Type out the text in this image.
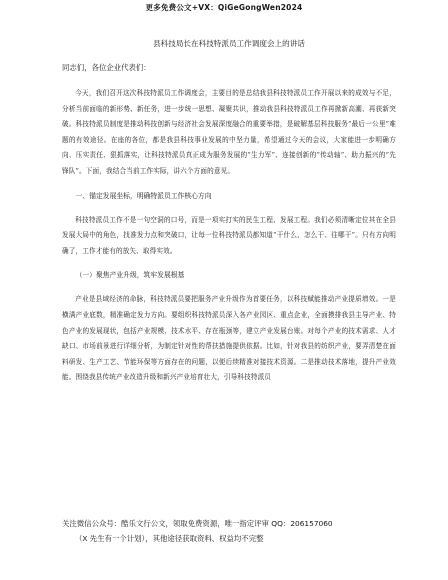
更多免费公文+VX：QiGeGongWen2024
县科技局长在科技特派员工作调度会上的讲话
同志们，各位企业代表们：

今天，我们召开这次科技特派员工作调度会，主要目的是总结我县科技特派员工作开展以来的成效与不足，分析当前面临的新形势、新任务，进一步统一思想、凝聚共识，推动我县科技特派员工作再掀新高潮、再获新突破。科技特派员制度是推动科技创新与经济社会发展深度融合的重要举措，是破解基层科技服务“最后一公里”难题的有效途径。在座的各位，都是我县科技事业发展的中坚力量，希望通过今天的会议，大家能进一步明确方向、压实责任、狠抓落实，让科技特派员真正成为服务发展的“生力军”、连接创新的“传动轴”、助力振兴的“先锋队”。下面，我结合当前工作实际，讲六个方面的意见。

一、锚定发展坐标，明确特派员工作核心方向

科技特派员工作不是一句空洞的口号，而是一项实打实的民生工程、发展工程。我们必须清晰定位其在全县发展大局中的角色，找准发力点和突破口，让每一位科技特派员都知道“干什么、怎么干、往哪干”。只有方向明确了，工作才能有的放矢、取得实效。

（一）聚焦产业升级，筑牢发展根基

产业是县域经济的命脉，科技特派员要把服务产业升级作为首要任务，以科技赋能推动产业提质增效。一是横满产业底数，精准确定发力方向。要组织科技特派员深入各产业园区、重点企业，全面摸排我县主导产业、特色产业的发展现状，包括产业规模、技术水平、存在瓶颈等，建立产业发展台账。对每个产业的技术需求、人才缺口、市场前景进行详细分析，为制定针对性的帮扶措施提供依据。比如，针对我县的纺织产业，要弄清楚在面料研发、生产工艺、节能环保等方面存在的问题，以便后续精准对接技术资源。二是推动技术落地，提升产业效能。围绕我县传统产业改造升级和新兴产业培育壮大，引导科技特派员

关注微信公众号：酷乐文行公文，领取免费资源，唯一指定评审 QQ：206157060
（X 先生有一个计划），其他途径获取资料、权益均不完整
